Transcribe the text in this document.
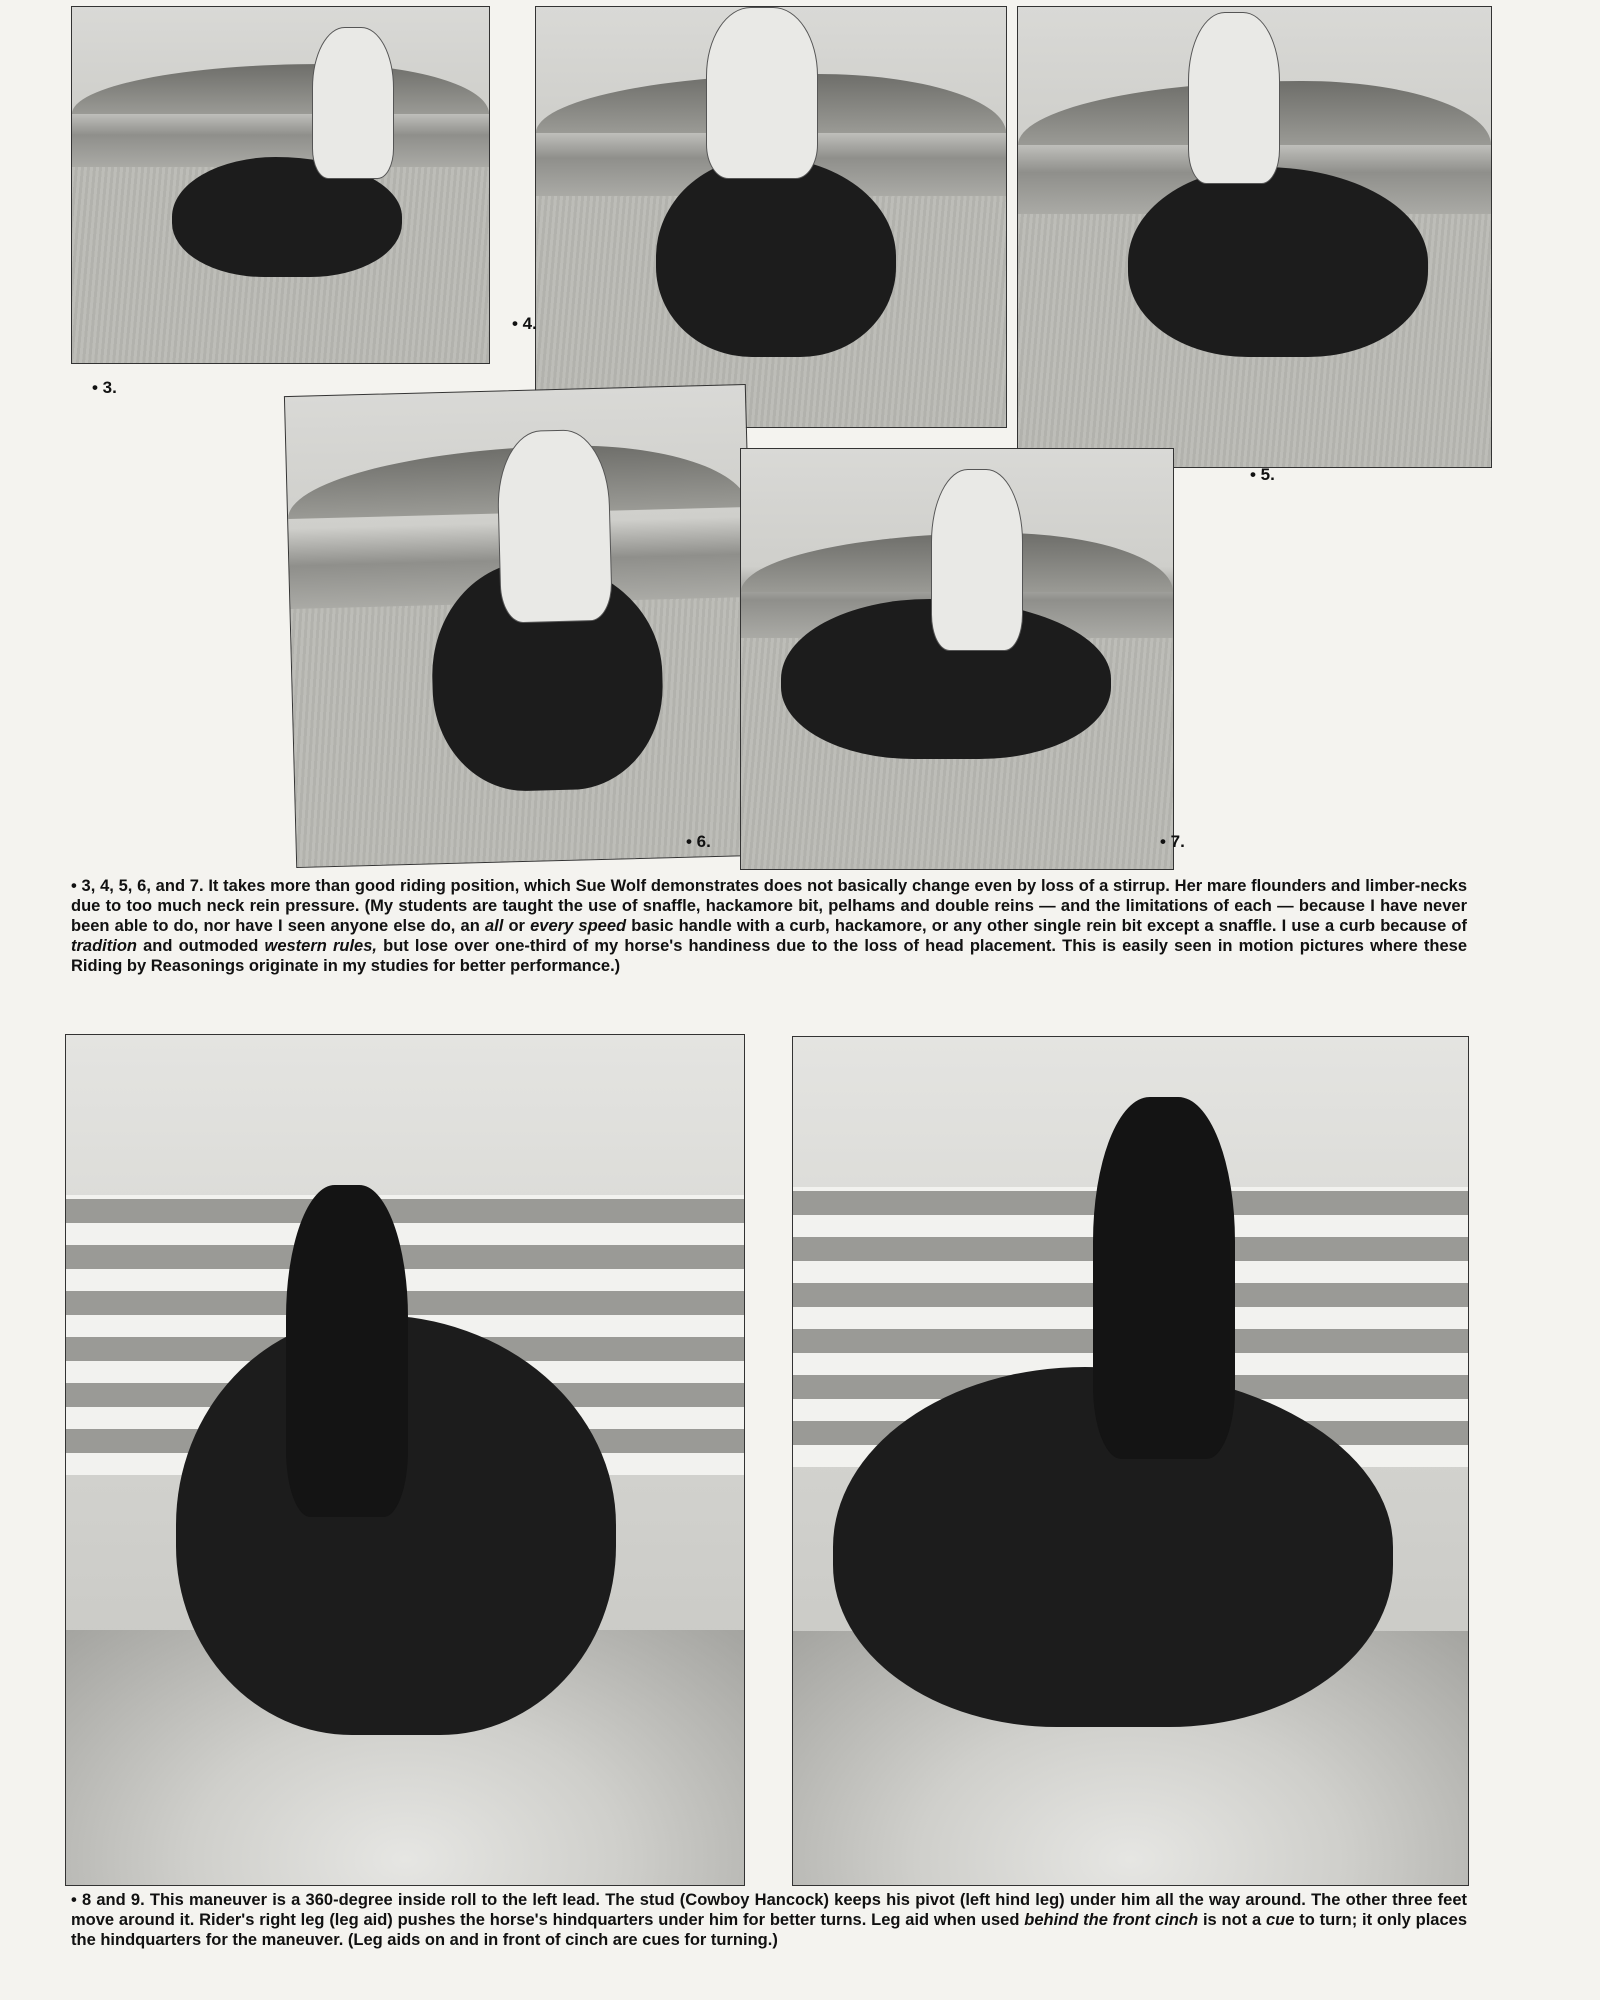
• 3.
• 4.
• 5.
• 6.	• 7.

• 3, 4, 5, 6, and 7. It takes more than good riding position, which Sue Wolf demonstrates does not basically change even by loss of a stirrup. Her mare flounders and limber-necks due to too much neck rein pressure. (My students are taught the use of snaffle, hackamore bit, pelhams and double reins — and the limitations of each — because I have never been able to do, nor have I seen anyone else do, an all or every speed basic handle with a curb, hackamore, or any other single rein bit except a snaffle. I use a curb because of tradition and outmoded western rules, but lose over one-third of my horse's handiness due to the loss of head placement. This is easily seen in motion pictures where these Riding by Reasonings originate in my studies for better performance.)

• 8 and 9. This maneuver is a 360-degree inside roll to the left lead. The stud (Cowboy Hancock) keeps his pivot (left hind leg) under him all the way around. The other three feet move around it. Rider's right leg (leg aid) pushes the horse's hindquarters under him for better turns. Leg aid when used behind the front cinch is not a cue to turn; it only places the hindquarters for the maneuver. (Leg aids on and in front of cinch are cues for turning.)
